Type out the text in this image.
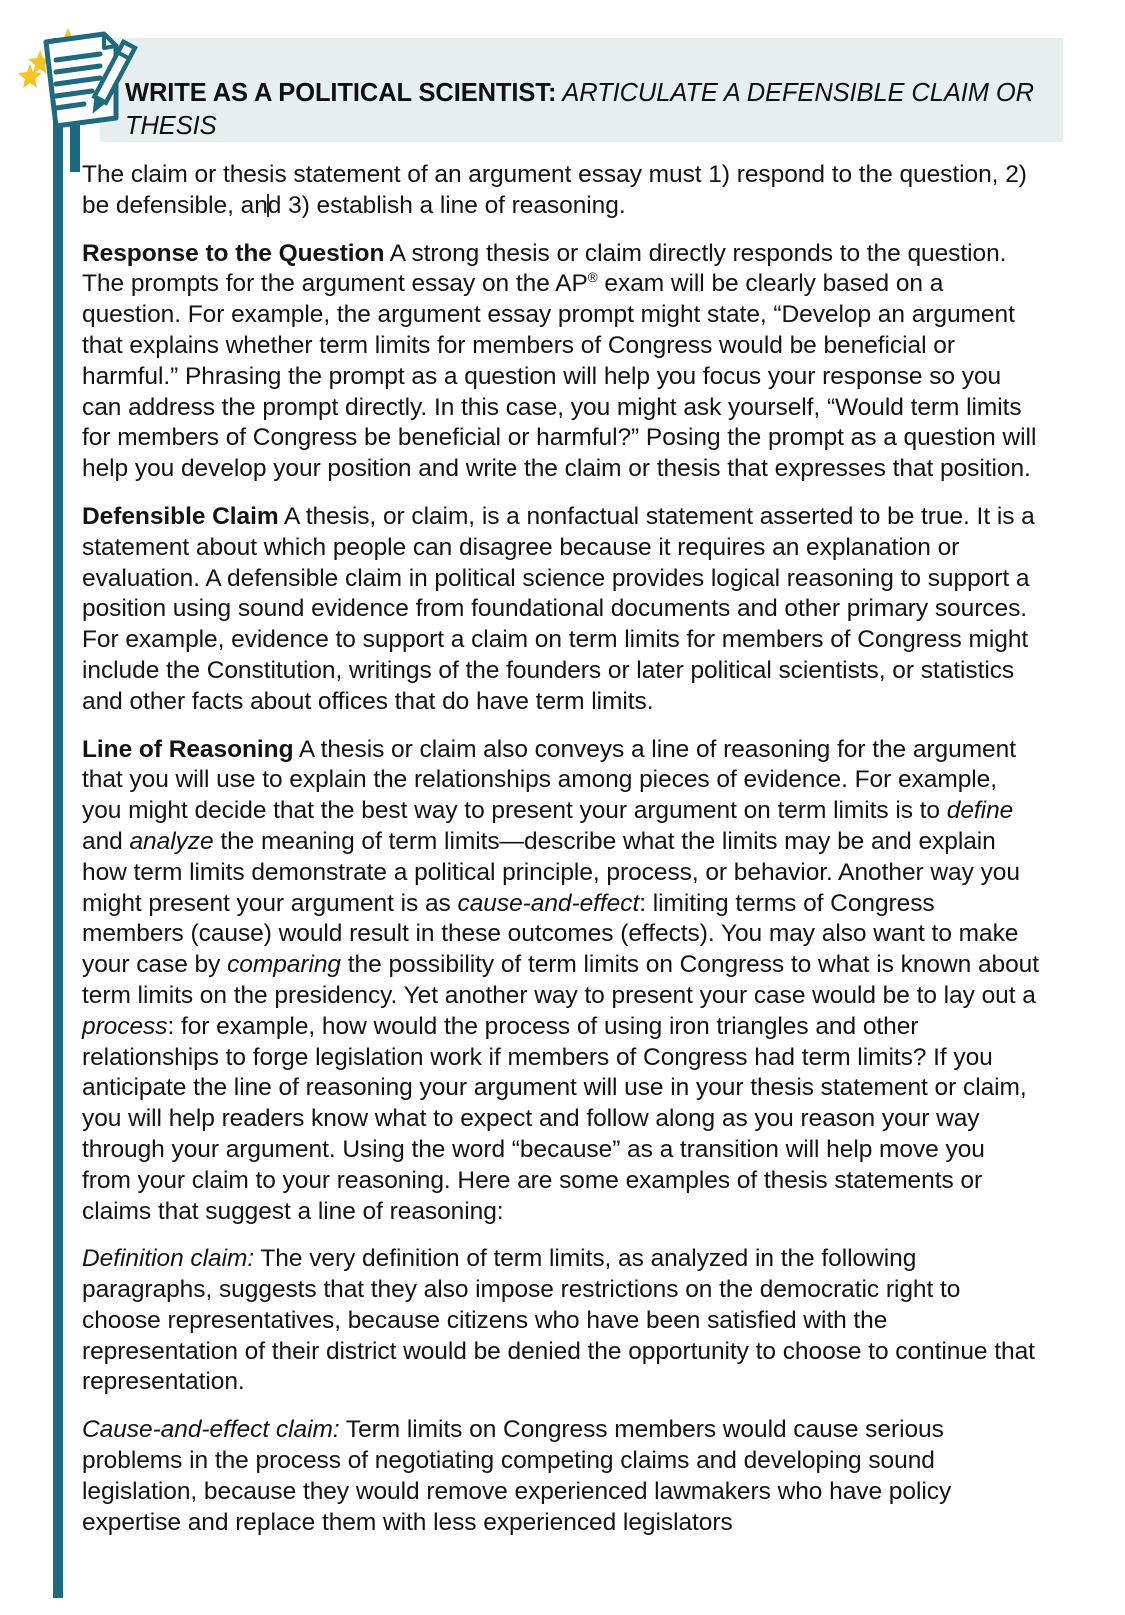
WRITE AS A POLITICAL SCIENTIST: ARTICULATE A DEFENSIBLE CLAIM OR THESIS

The claim or thesis statement of an argument essay must 1) respond to the question, 2) be defensible, and 3) establish a line of reasoning.

Response to the Question A strong thesis or claim directly responds to the question. The prompts for the argument essay on the AP® exam will be clearly based on a question. For example, the argument essay prompt might state, “Develop an argument that explains whether term limits for members of Congress would be beneficial or harmful.” Phrasing the prompt as a question will help you focus your response so you can address the prompt directly. In this case, you might ask yourself, “Would term limits for members of Congress be beneficial or harmful?” Posing the prompt as a question will help you develop your position and write the claim or thesis that expresses that position.

Defensible Claim A thesis, or claim, is a nonfactual statement asserted to be true. It is a statement about which people can disagree because it requires an explanation or evaluation. A defensible claim in political science provides logical reasoning to support a position using sound evidence from foundational documents and other primary sources. For example, evidence to support a claim on term limits for members of Congress might include the Constitution, writings of the founders or later political scientists, or statistics and other facts about offices that do have term limits.

Line of Reasoning A thesis or claim also conveys a line of reasoning for the argument that you will use to explain the relationships among pieces of evidence. For example, you might decide that the best way to present your argument on term limits is to define and analyze the meaning of term limits—describe what the limits may be and explain how term limits demonstrate a political principle, process, or behavior. Another way you might present your argument is as cause-and-effect: limiting terms of Congress members (cause) would result in these outcomes (effects). You may also want to make your case by comparing the possibility of term limits on Congress to what is known about term limits on the presidency. Yet another way to present your case would be to lay out a process: for example, how would the process of using iron triangles and other relationships to forge legislation work if members of Congress had term limits? If you anticipate the line of reasoning your argument will use in your thesis statement or claim, you will help readers know what to expect and follow along as you reason your way through your argument. Using the word “because” as a transition will help move you from your claim to your reasoning. Here are some examples of thesis statements or claims that suggest a line of reasoning:

Definition claim: The very definition of term limits, as analyzed in the following paragraphs, suggests that they also impose restrictions on the democratic right to choose representatives, because citizens who have been satisfied with the representation of their district would be denied the opportunity to choose to continue that representation.

Cause-and-effect claim: Term limits on Congress members would cause serious problems in the process of negotiating competing claims and developing sound legislation, because they would remove experienced lawmakers who have policy expertise and replace them with less experienced legislators
